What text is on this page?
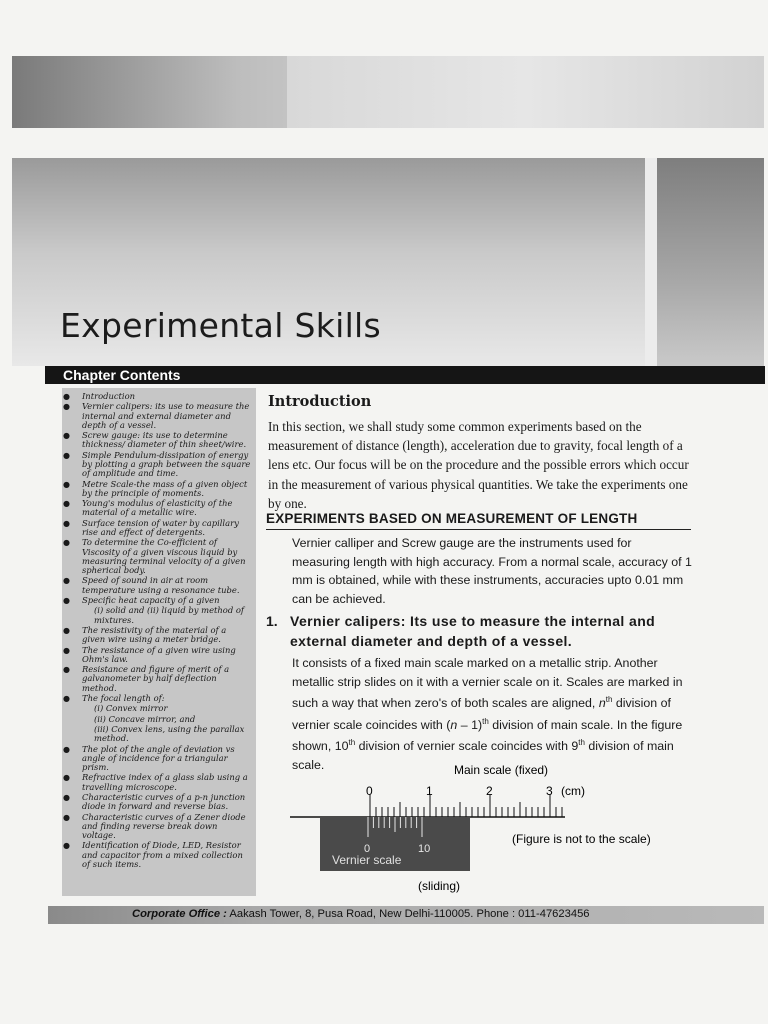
Experimental Skills
Chapter Contents
● Introduction
● Vernier calipers: its use to measure the internal and external diameter and depth of a vessel.
● Screw gauge: its use to determine thickness/ diameter of thin sheet/wire.
● Simple Pendulum-dissipation of energy by plotting a graph between the square of amplitude and time.
● Metre Scale-the mass of a given object by the principle of moments.
● Young's modulus of elasticity of the material of a metallic wire.
● Surface tension of water by capillary rise and effect of detergents.
● To determine the Co-efficient of Viscosity of a given viscous liquid by measuring terminal velocity of a given spherical body.
● Speed of sound in air at room temperature using a resonance tube.
● Specific heat capacity of a given
(i) solid and (ii) liquid by method of mixtures.
● The resistivity of the material of a given wire using a meter bridge.
● The resistance of a given wire using Ohm's law.
● Resistance and figure of merit of a galvanometer by half deflection method.
● The focal length of:
(i) Convex mirror
(ii) Concave mirror, and
(iii) Convex lens, using the parallax method.
● The plot of the angle of deviation vs angle of incidence for a triangular prism.
● Refractive index of a glass slab using a travelling microscope.
● Characteristic curves of a p-n junction diode in forward and reverse bias.
● Characteristic curves of a Zener diode and finding reverse break down voltage.
● Identification of Diode, LED, Resistor and capacitor from a mixed collection of such items.
Introduction

In this section, we shall study some common experiments based on the measurement of distance (length), acceleration due to gravity, focal length of a lens etc. Our focus will be on the procedure and the possible errors which occur in the measurement of various physical quantities. We take the experiments one by one.

EXPERIMENTS BASED ON MEASUREMENT OF LENGTH

Vernier calliper and Screw gauge are the instruments used for measuring length with high accuracy. From a normal scale, accuracy of 1 mm is obtained, while with these instruments, accuracies upto 0.01 mm can be achieved.

1. Vernier calipers: Its use to measure the internal and external diameter and depth of a vessel.

It consists of a fixed main scale marked on a metallic strip. Another metallic strip slides on it with a vernier scale on it. Scales are marked in such a way that when zero's of both scales are aligned, $n^{th}$ division of vernier scale coincides with (n – 1)$^{th}$ division of main scale. In the figure shown, 10th division of vernier scale coincides with 9th division of main scale.	Main scale (fixed)
0	1	2	3 (cm)
0	10
Vernier scale
(sliding)
(Figure is not to the scale)
Corporate Office : Aakash Tower, 8, Pusa Road, New Delhi-110005. Phone : 011-47623456
